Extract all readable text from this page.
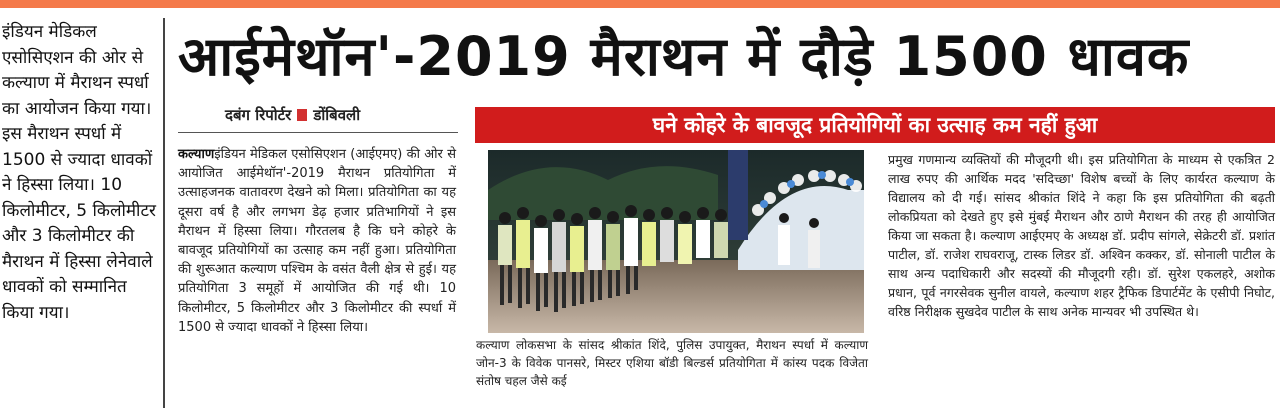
इंडियन मेडिकल एसोसिएशन की ओर से कल्याण में मैराथन स्पर्धा का आयोजन किया गया। इस मैराथन स्पर्धा में 1500 से ज्यादा धावकों ने हिस्सा लिया। 10 किलोमीटर, 5 किलोमीटर और 3 किलोमीटर की मैराथन में हिस्सा लेनेवाले धावकों को सम्मानित किया गया।
आईमेथॉन'-2019 मैराथन में दौड़े 1500 धावक
दबंग रिपोर्टर डोंबिवली
कल्याणइंडियन मेडिकल एसोसिएशन (आईएमए) की ओर से आयोजित आईमेथॉन'-2019 मैराथन प्रतियोगिता में उत्साहजनक वातावरण देखने को मिला। प्रतियोगिता का यह दूसरा वर्ष है और लगभग डेढ़ हजार प्रतिभागियों ने इस मैराथन में हिस्सा लिया। गौरतलब है कि घने कोहरे के बावजूद प्रतियोगियों का उत्साह कम नहीं हुआ। प्रतियोगिता की शुरूआत कल्याण पश्चिम के वसंत वैली क्षेत्र से हुई। यह प्रतियोगिता 3 समूहों में आयोजित की गई थी। 10 किलोमीटर, 5 किलोमीटर और 3 किलोमीटर की स्पर्धा में 1500 से ज्यादा धावकों ने हिस्सा लिया।
घने कोहरे के बावजूद प्रतियोगियों का उत्साह कम नहीं हुआ
कल्याण लोकसभा के सांसद श्रीकांत शिंदे, पुलिस उपायुक्त, मैराथन स्पर्धा में कल्याण जोन-3 के विवेक पानसरे, मिस्टर एशिया बॉडी बिल्डर्स प्रतियोगिता में कांस्य पदक विजेता संतोष चहल जैसे कई
प्रमुख गणमान्य व्यक्तियों की मौजूदगी थी। इस प्रतियोगिता के माध्यम से एकत्रित 2 लाख रुपए की आर्थिक मदद 'सदिच्छा' विशेष बच्चों के लिए कार्यरत कल्याण के विद्यालय को दी गई। सांसद श्रीकांत शिंदे ने कहा कि इस प्रतियोगिता की बढ़ती लोकप्रियता को देखते हुए इसे मुंबई मैराथन और ठाणे मैराथन की तरह ही आयोजित किया जा सकता है। कल्याण आईएमए के अध्यक्ष डॉ. प्रदीप सांगले, सेक्रेटरी डॉ. प्रशांत पाटील, डॉ. राजेश राघवराजू, टास्क लिडर डॉ. अश्विन कक्कर, डॉ. सोनाली पाटील के साथ अन्य पदाधिकारी और सदस्यों की मौजूदगी रही। डॉ. सुरेश एकलहरे, अशोक प्रधान, पूर्व नगरसेवक सुनील वायले, कल्याण शहर ट्रैफिक डिपार्टमेंट के एसीपी निघोट, वरिष्ठ निरीक्षक सुखदेव पाटील के साथ अनेक मान्यवर भी उपस्थित थे।
